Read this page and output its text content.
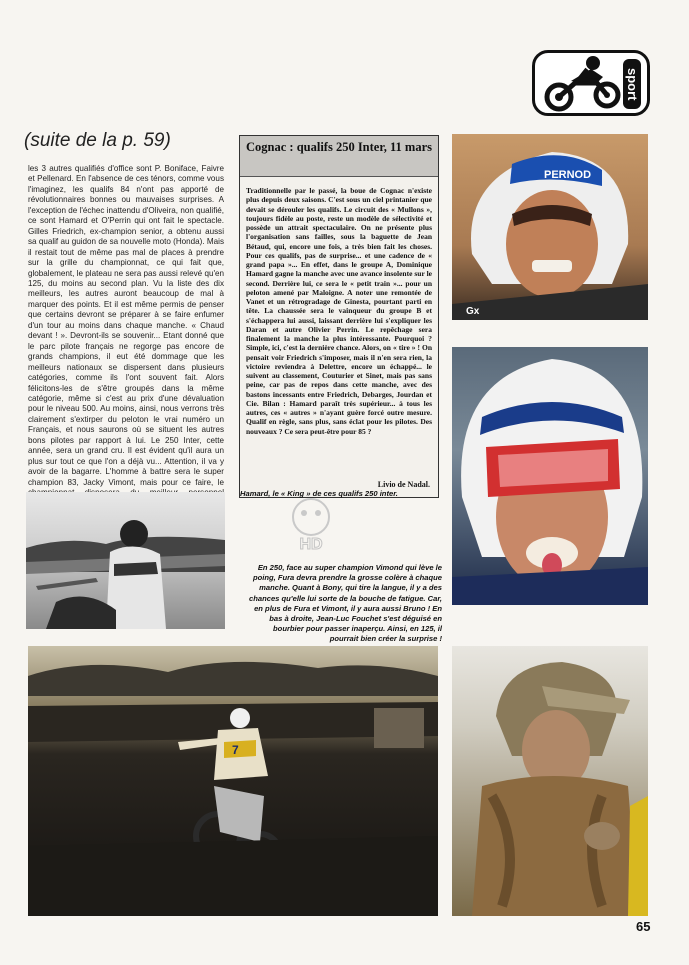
sport
(suite de la p. 59)

les 3 autres qualifiés d'office sont P. Boniface, Faivre et Pellenard. En l'absence de ces ténors, comme vous l'imaginez, les qualifs 84 n'ont pas apporté de révolutionnaires bonnes ou mauvaises surprises. A l'exception de l'échec inattendu d'Oliveira, non qualifié, ce sont Hamard et O'Perrin qui ont fait le spectacle. Gilles Friedrich, ex-champion senior, a obtenu aussi sa qualif au guidon de sa nouvelle moto (Honda). Mais il restait tout de même pas mal de places à prendre sur la grille du championnat, ce qui fait que, globalement, le plateau ne sera pas aussi relevé qu'en 125, du moins au second plan. Vu la liste des dix meilleurs, les autres auront beaucoup de mal à marquer des points. Et il est même permis de penser que certains devront se préparer à se faire enfumer d'un tour au moins dans chaque manche. « Chaud devant ! ». Devront-ils se souvenir... Etant donné que le parc pilote français ne regorge pas encore de grands champions, il eut été dommage que les meilleurs nationaux se dispersent dans plusieurs catégories, comme ils l'ont souvent fait. Alors félicitons-les de s'être groupés dans la même catégorie, même si c'est au prix d'une dévaluation pour le niveau 500. Au moins, ainsi, nous verrons très clairement s'extirper du peloton le vrai numéro un Français, et nous saurons où se situent les autres bons pilotes par rapport à lui. Le 250 Inter, cette année, sera un grand cru. Il est évident qu'il aura un plus sur tout ce que l'on a déjà vu... Attention, il va y avoir de la bagarre. L'homme à battre sera le super champion 83, Jacky Vimont, mais pour ce faire, le

Cognac : qualifs 250 Inter, 11 mars

Traditionnelle par le passé, la boue de Cognac n'existe plus depuis deux saisons. C'est sous un ciel printanier que devait se dérouler les qualifs. Le circuit des « Mullons », toujours fidèle au poste, reste un modèle de sélectivité et possède un attrait spectaculaire. On ne présente plus l'organisation sans failles, sous la baguette de Jean Bétaud, qui, encore une fois, a très bien fait les choses. Pour ces qualifs, pas de surprise... et une cadence de « grand papa »... En effet, dans le groupe A, Dominique Hamard gagne la manche avec une avance insolente sur le second. Derrière lui, ce sera le « petit train »... pour un peloton amené par Maloigne. A noter une remontée de Vanet et un rétrogradage de Ginesta, pourtant parti en tête. La chaussée sera le vainqueur du groupe B et s'échappera lui aussi, laissant derrière lui s'expliquer les Daran et autre Olivier Perrin. Le repêchage sera finalement la manche la plus intéressante. Pourquoi ? Simple, ici, c'est la dernière chance. Alors, on « tire » ! On pensait voir Friedrich s'imposer, mais il n'en sera rien, la victoire reviendra à Delettre, encore un échappé... le suivent au classement, Couturier et Sinet, mais pas sans peine, car pas de repos dans cette manche, avec des bastons incessants entre Friedrich, Debarges, Jourdan et Cie. Bilan : Hamard paraît très supérieur... à tous les autres, ces « autres » n'ayant guère forcé outre mesure. Qualif en règle, sans plus, sans éclat pour les pilotes. Des nouveaux ? Ce sera peut-être pour 85 ?

Livio de Nadal.
Hamard, le « King » de ces qualifs 250 inter.

En 250, face au super champion Vimond qui lève le poing, Fura devra prendre la grosse colère à chaque manche. Quant à Bony, qui tire la langue, il y a des chances qu'elle lui sorte de la bouche de fatigue. Car, en plus de Fura et Vimont, il y aura aussi Bruno ! En bas à droite, Jean-Luc Fouchet s'est déguisé en bourbier pour passer inaperçu. Ainsi, en 125, il pourrait bien créer la surprise !

HD
PERNOD
Gx
7
65
